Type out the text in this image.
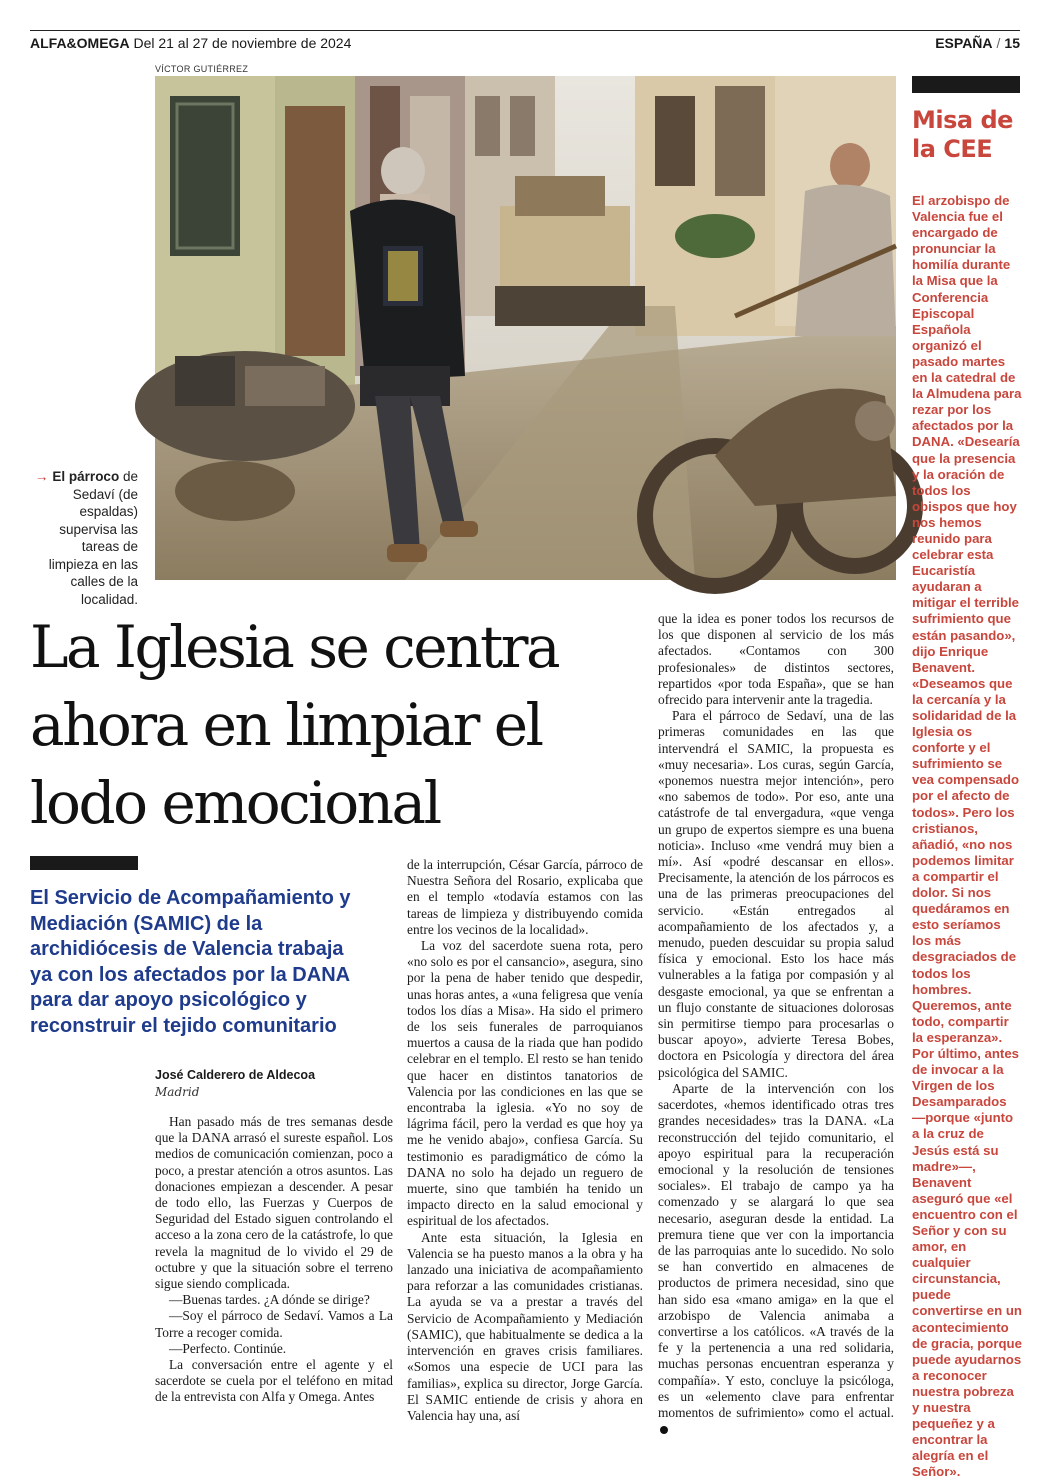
ALFA&OMEGA Del 21 al 27 de noviembre de 2024	ESPAÑA / 15
VÍCTOR GUTIÉRREZ
→ El párroco de Sedaví (de espaldas) supervisa las tareas de limpieza en las calles de la localidad.
La Iglesia se centra ahora en limpiar el lodo emocional
El Servicio de Acompañamiento y Mediación (SAMIC) de la archidiócesis de Valencia trabaja ya con los afectados por la DANA para dar apoyo psicológico y reconstruir el tejido comunitario
José Calderero de Aldecoa
Madrid

Han pasado más de tres semanas desde que la DANA arrasó el sureste español. Los medios de comunicación comienzan, poco a poco, a prestar atención a otros asuntos. Las donaciones empiezan a descender. A pesar de todo ello, las Fuerzas y Cuerpos de Seguridad del Estado siguen controlando el acceso a la zona cero de la catástrofe, lo que revela la magnitud de lo vivido el 29 de octubre y que la situación sobre el terreno sigue siendo complicada.

—Buenas tardes. ¿A dónde se dirige?

—Soy el párroco de Sedaví. Vamos a La Torre a recoger comida.

—Perfecto. Continúe.

La conversación entre el agente y el sacerdote se cuela por el teléfono en mitad de la entrevista con Alfa y Omega. Antes

de la interrupción, César García, párroco de Nuestra Señora del Rosario, explicaba que en el templo «todavía estamos con las tareas de limpieza y distribuyendo comida entre los vecinos de la localidad».

La voz del sacerdote suena rota, pero «no solo es por el cansancio», asegura, sino por la pena de haber tenido que despedir, unas horas antes, a «una feligresa que venía todos los días a Misa». Ha sido el primero de los seis funerales de parroquianos muertos a causa de la riada que han podido celebrar en el templo. El resto se han tenido que hacer en distintos tanatorios de Valencia por las condiciones en las que se encontraba la iglesia. «Yo no soy de lágrima fácil, pero la verdad es que hoy ya me he venido abajo», confiesa García. Su testimonio es paradigmático de cómo la DANA no solo ha dejado un reguero de muerte, sino que también ha tenido un impacto directo en la salud emocional y espiritual de los afectados.

Ante esta situación, la Iglesia en Valencia se ha puesto manos a la obra y ha lanzado una iniciativa de acompañamiento para reforzar a las comunidades cristianas. La ayuda se va a prestar a través del Servicio de Acompañamiento y Mediación (SAMIC), que habitualmente se dedica a la intervención en graves crisis familiares. «Somos una especie de UCI para las familias», explica su director, Jorge García. El SAMIC entiende de crisis y ahora en Valencia hay una, así

que la idea es poner todos los recursos de los que disponen al servicio de los más afectados. «Contamos con 300 profesionales» de distintos sectores, repartidos «por toda España», que se han ofrecido para intervenir ante la tragedia.

Para el párroco de Sedaví, una de las primeras comunidades en las que intervendrá el SAMIC, la propuesta es «muy necesaria». Los curas, según García, «ponemos nuestra mejor intención», pero «no sabemos de todo». Por eso, ante una catástrofe de tal envergadura, «que venga un grupo de expertos siempre es una buena noticia». Incluso «me vendrá muy bien a mí». Así «podré descansar en ellos». Precisamente, la atención de los párrocos es una de las primeras preocupaciones del servicio. «Están entregados al acompañamiento de los afectados y, a menudo, pueden descuidar su propia salud física y emocional. Esto los hace más vulnerables a la fatiga por compasión y al desgaste emocional, ya que se enfrentan a un flujo constante de situaciones dolorosas sin permitirse tiempo para procesarlas o buscar apoyo», advierte Teresa Bobes, doctora en Psicología y directora del área psicológica del SAMIC.

Aparte de la intervención con los sacerdotes, «hemos identificado otras tres grandes necesidades» tras la DANA. «La reconstrucción del tejido comunitario, el apoyo espiritual para la recuperación emocional y la resolución de tensiones sociales». El trabajo de campo ya ha comenzado y se alargará lo que sea necesario, aseguran desde la entidad. La premura tiene que ver con la importancia de las parroquias ante lo sucedido. No solo se han convertido en almacenes de productos de primera necesidad, sino que han sido esa «mano amiga» en la que el arzobispo de Valencia animaba a convertirse a los católicos. «A través de la fe y la pertenencia a una red solidaria, muchas personas encuentran esperanza y compañía». Y esto, concluye la psicóloga, es un «elemento clave para enfrentar momentos de sufrimiento» como el actual.

Misa de la CEE
El arzobispo de Valencia fue el encargado de pronunciar la homilía durante la Misa que la Conferencia Episcopal Española organizó el pasado martes en la catedral de la Almudena para rezar por los afectados por la DANA. «Desearía que la presencia y la oración de todos los obispos que hoy nos hemos reunido para celebrar esta Eucaristía ayudaran a mitigar el terrible sufrimiento que están pasando», dijo Enrique Benavent. «Deseamos que la cercanía y la solidaridad de la Iglesia os conforte y el sufrimiento se vea compensado por el afecto de todos». Pero los cristianos, añadió, «no nos podemos limitar a compartir el dolor. Si nos quedáramos en esto seríamos los más desgraciados de todos los hombres. Queremos, ante todo, compartir la esperanza». Por último, antes de invocar a la Virgen de los Desamparados —porque «junto a la cruz de Jesús está su madre»—, Benavent aseguró que «el encuentro con el Señor y con su amor, en cualquier circunstancia, puede convertirse en un acontecimiento de gracia, porque puede ayudarnos a reconocer nuestra pobreza y nuestra pequeñez y a encontrar la alegría en el Señor».
